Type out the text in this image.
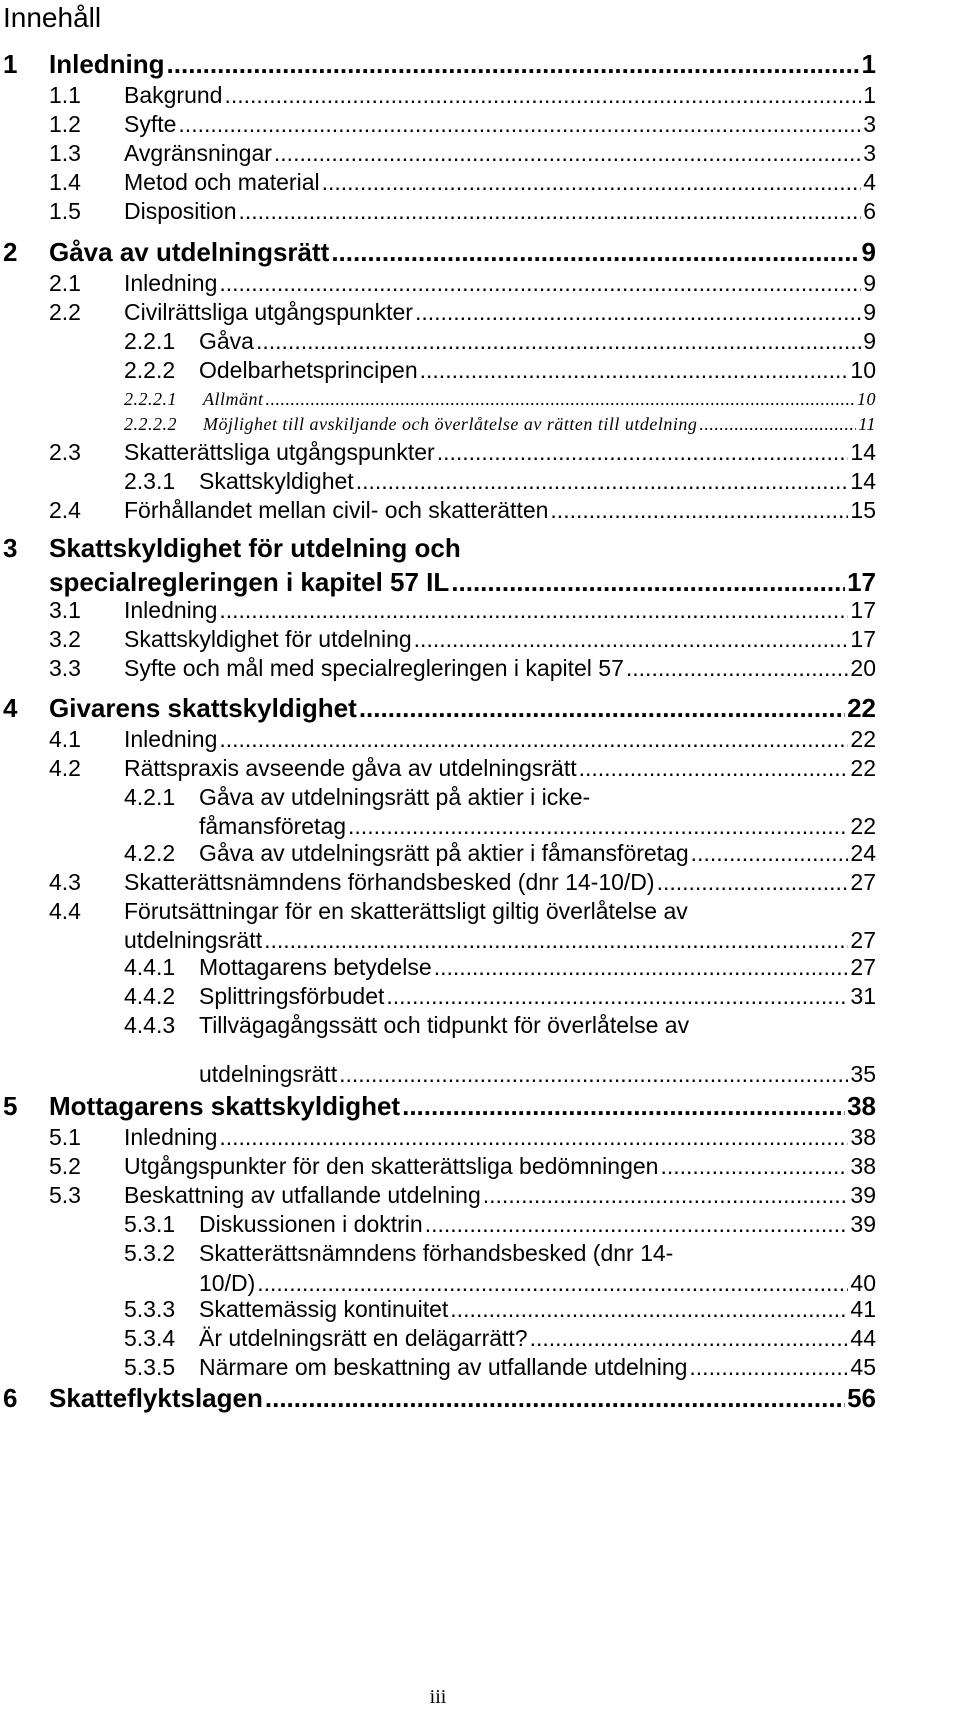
Innehåll
1	Inledning .....	1
1.1	Bakgrund .....	1
1.2	Syfte .....	3
1.3	Avgränsningar .....	3
1.4	Metod och material .....	4
1.5	Disposition .....	6
2	Gåva av utdelningsrätt .....	9
2.1	Inledning .....	9
2.2	Civilrättsliga utgångspunkter .....	9
2.2.1	Gåva .....	9
2.2.2	Odelbarhetsprincipen .....	10
2.2.2.1	Allmänt .....	10
2.2.2.2	Möjlighet till avskiljande och överlåtelse av rätten till utdelning .....	11
2.3	Skatterättsliga utgångspunkter .....	14
2.3.1	Skattskyldighet .....	14
2.4	Förhållandet mellan civil- och skatterätten .....	15
3	Skattskyldighet för utdelning och
specialregleringen i kapitel 57 IL .....	17
3.1	Inledning .....	17
3.2	Skattskyldighet för utdelning .....	17
3.3	Syfte och mål med specialregleringen i kapitel 57 .....	20
4	Givarens skattskyldighet .....	22
4.1	Inledning .....	22
4.2	Rättspraxis avseende gåva av utdelningsrätt .....	22
4.2.1	Gåva av utdelningsrätt på aktier i icke-
fåmansföretag .....	22
4.2.2	Gåva av utdelningsrätt på aktier i fåmansföretag .....	24
4.3	Skatterättsnämndens förhandsbesked (dnr 14-10/D) .....	27
4.4	Förutsättningar för en skatterättsligt giltig överlåtelse av
utdelningsrätt .....	27
4.4.1	Mottagarens betydelse .....	27
4.4.2	Splittringsförbudet .....	31
4.4.3	Tillvägagångssätt och tidpunkt för överlåtelse av
utdelningsrätt .....	35
5	Mottagarens skattskyldighet .....	38
5.1	Inledning .....	38
5.2	Utgångspunkter för den skatterättsliga bedömningen .....	38
5.3	Beskattning av utfallande utdelning .....	39
5.3.1	Diskussionen i doktrin .....	39
5.3.2	Skatterättsnämndens förhandsbesked (dnr 14-
10/D) .....	40
5.3.3	Skattemässig kontinuitet .....	41
5.3.4	Är utdelningsrätt en delägarrätt? .....	44
5.3.5	Närmare om beskattning av utfallande utdelning .....	45
6	Skatteflyktslagen .....	56
iii
